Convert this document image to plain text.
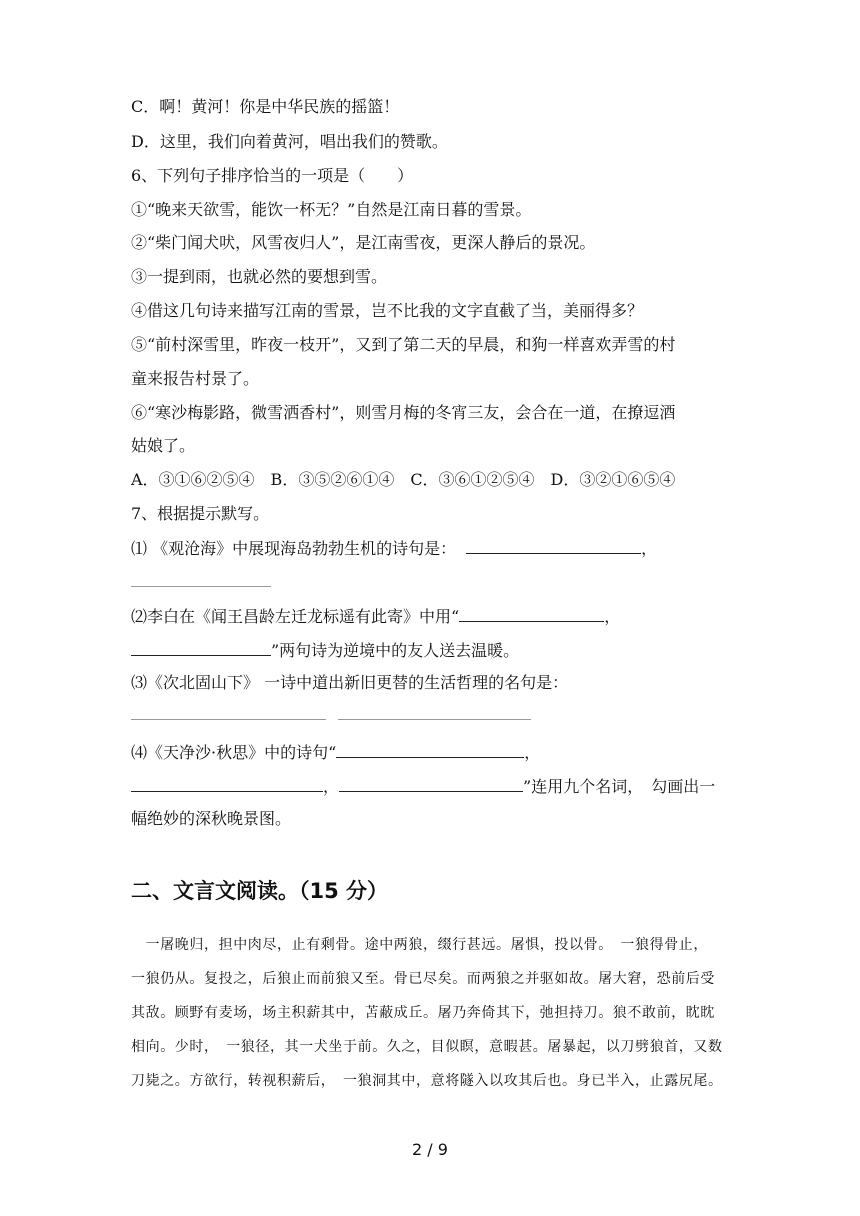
C．啊！黄河！你是中华民族的摇篮！
D．这里，我们向着黄河，唱出我们的赞歌。
6、下列句子排序恰当的一项是（　　）
①“晚来天欲雪，能饮一杯无？”自然是江南日暮的雪景。
②“柴门闻犬吠，风雪夜归人”，是江南雪夜，更深人静后的景况。
③一提到雨，也就必然的要想到雪。
④借这几句诗来描写江南的雪景，岂不比我的文字直截了当，美丽得多？
⑤“前村深雪里，昨夜一枝开”，又到了第二天的早晨，和狗一样喜欢弄雪的村
童来报告村景了。
⑥“寒沙梅影路，微雪洒香村”，则雪月梅的冬宵三友，会合在一道，在撩逗酒
姑娘了。
A．③①⑥②⑤④　B．③⑤②⑥①④　C．③⑥①②⑤④　D．③②①⑥⑤④
7、根据提示默写。
⑴ 《观沧海》中展现海岛勃勃生机的诗句是：	，
⑵李白在《闻王昌龄左迁龙标遥有此寄》中用“	，
”两句诗为逆境中的友人送去温暖。
⑶《次北固山下》 一诗中道出新旧更替的生活哲理的名句是：
⑷《天净沙·秋思》中的诗句“	，
，	”连用九个名词，　勾画出一
幅绝妙的深秋晚景图。
二、文言文阅读。（15 分）
　一屠晚归，担中肉尽，止有剩骨。途中两狼，缀行甚远。屠惧，投以骨。　一狼得骨止，
一狼仍从。复投之，后狼止而前狼又至。骨已尽矣。而两狼之并驱如故。屠大窘，恐前后受
其敌。顾野有麦场，场主积薪其中，苫蔽成丘。屠乃奔倚其下，弛担持刀。狼不敢前，眈眈
相向。少时，　一狼径，其一犬坐于前。久之，目似瞑，意暇甚。屠暴起，以刀劈狼首，又数
刀毙之。方欲行，转视积薪后，　一狼洞其中，意将隧入以攻其后也。身已半入，止露尻尾。
2 / 9
